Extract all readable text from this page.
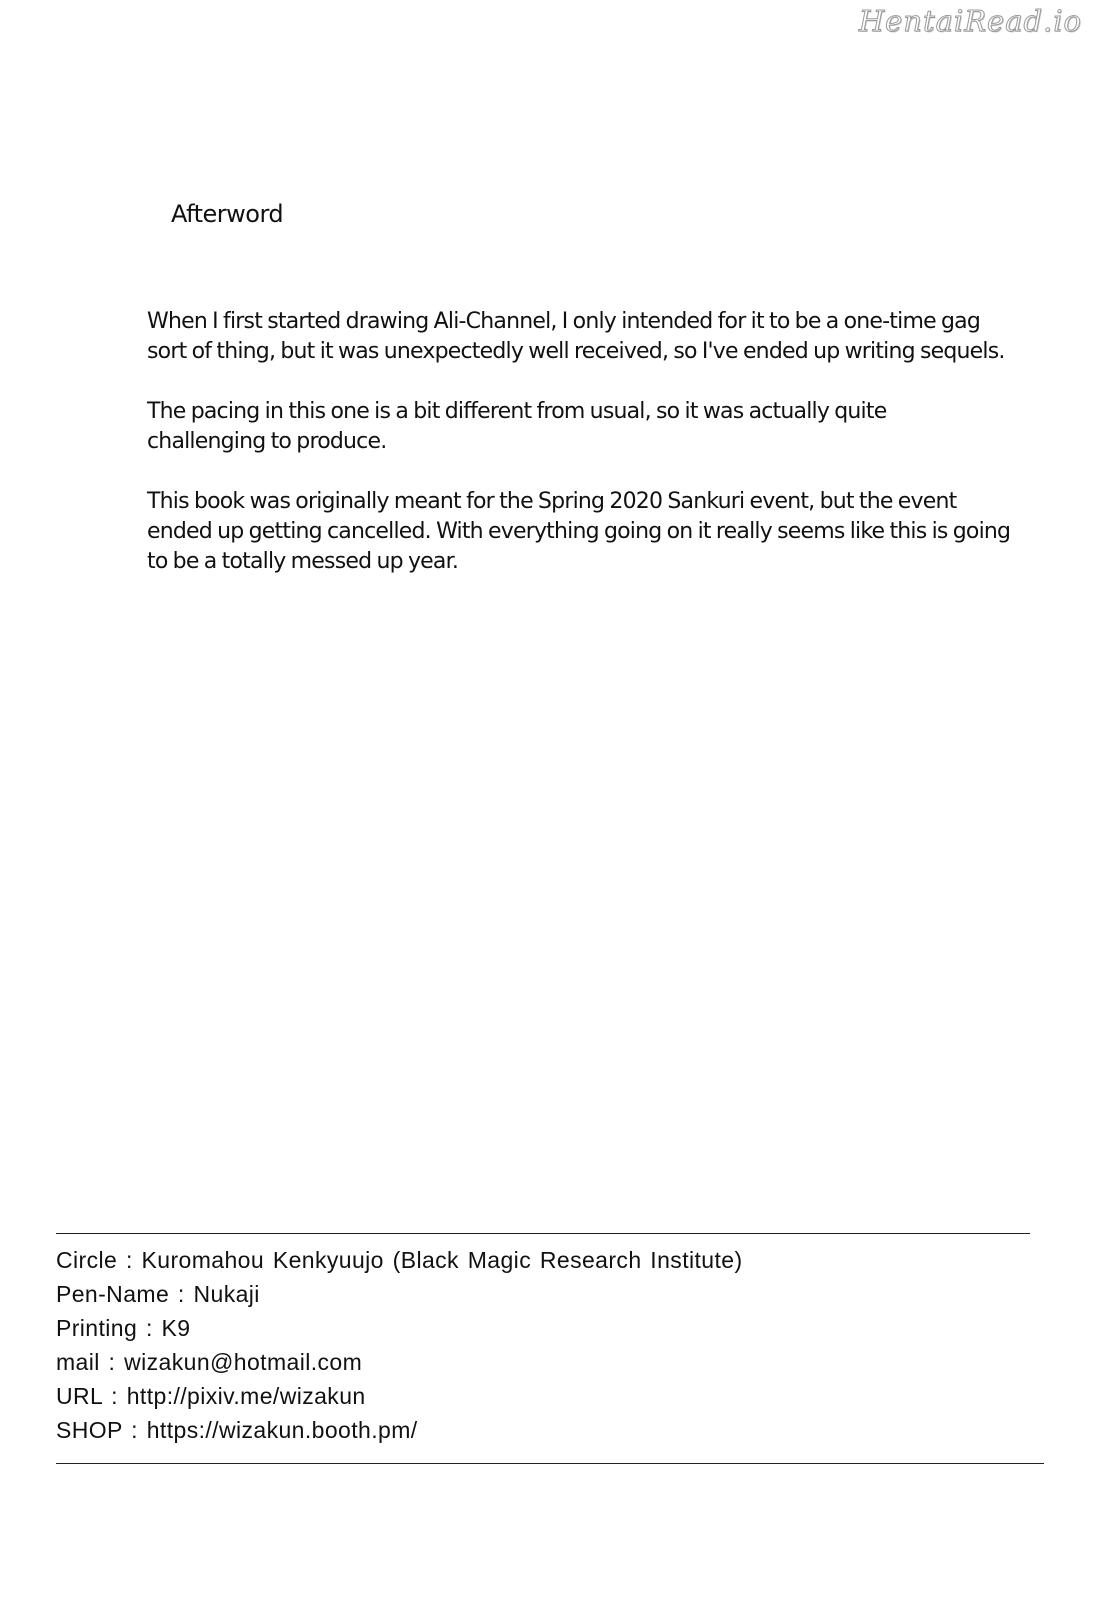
HentaiRead.io
Afterword

When I first started drawing Ali-Channel, I only intended for it to be a one-time gag
sort of thing, but it was unexpectedly well received, so I've ended up writing sequels.

The pacing in this one is a bit different from usual, so it was actually quite
challenging to produce.

This book was originally meant for the Spring 2020 Sankuri event, but the event
ended up getting cancelled. With everything going on it really seems like this is going
to be a totally messed up year.

Circle : Kuromahou Kenkyuujo (Black Magic Research Institute)
Pen-Name : Nukaji
Printing : K9
mail : wizakun@hotmail.com
URL : http://pixiv.me/wizakun
SHOP : https://wizakun.booth.pm/
